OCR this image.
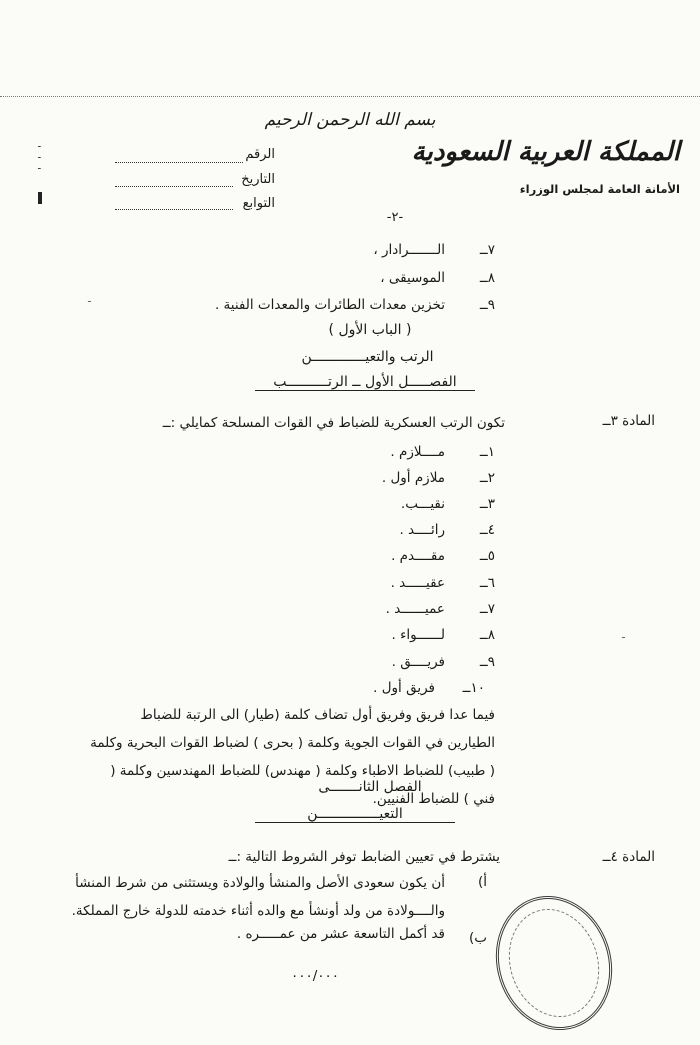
بسم الله الرحمن الرحيم
المملكة العربية السعودية
الأمانة العامة لمجلس الوزراء
ـ
ـ
ـ
الرقم
التاريخ
التوابع
-٢-
٧ــ
الـــــــرادار ،
٨ــ
الموسيقى ،
٩ــ
تخزين معدات الطائرات والمعدات الفنية .
ـ
( الباب الأول )
الرتب والتعيـــــــــــــن
الفصـــــل الأول ــ الرتــــــــــب
المادة ٣ــ
تكون الرتب العسكرية للضباط في القوات المسلحة كمايلي :ــ
١ــ
مــــلازم .
٢ــ
ملازم أول .
٣ــ
نقيـــب.
٤ــ
رائــــد .
٥ــ
مقــــدم .
٦ــ
عقيـــــد .
٧ــ
عميــــــد .
٨ــ
لــــــواء .
٩ــ
فريــــق .
١٠ــ
فريق أول .
ـ
فيما عدا فريق وفريق أول تضاف كلمة (طيار) الى الرتبة للضباط الطيارين في القوات الجوية وكلمة ( بحرى ) لضباط القوات البحرية وكلمة ( طبيب) للضباط الاطباء وكلمة ( مهندس) للضباط المهندسين وكلمة ( فني ) للضباط الفنيين.
الفصل الثانـــــــى
التعيـــــــــــــــن
المادة ٤ــ
يشترط في تعيين الضابط توفر الشروط التالية :ــ
أ)
أن يكون سعودى الأصل والمنشأ والولادة ويستثنى من شرط المنشأ والــــولادة من ولد أونشأ مع والده أثناء خدمته للدولة خارج المملكة.
ب)
قد أكمل التاسعة عشر من عمـــــره .
٠٠٠/٠٠٠
